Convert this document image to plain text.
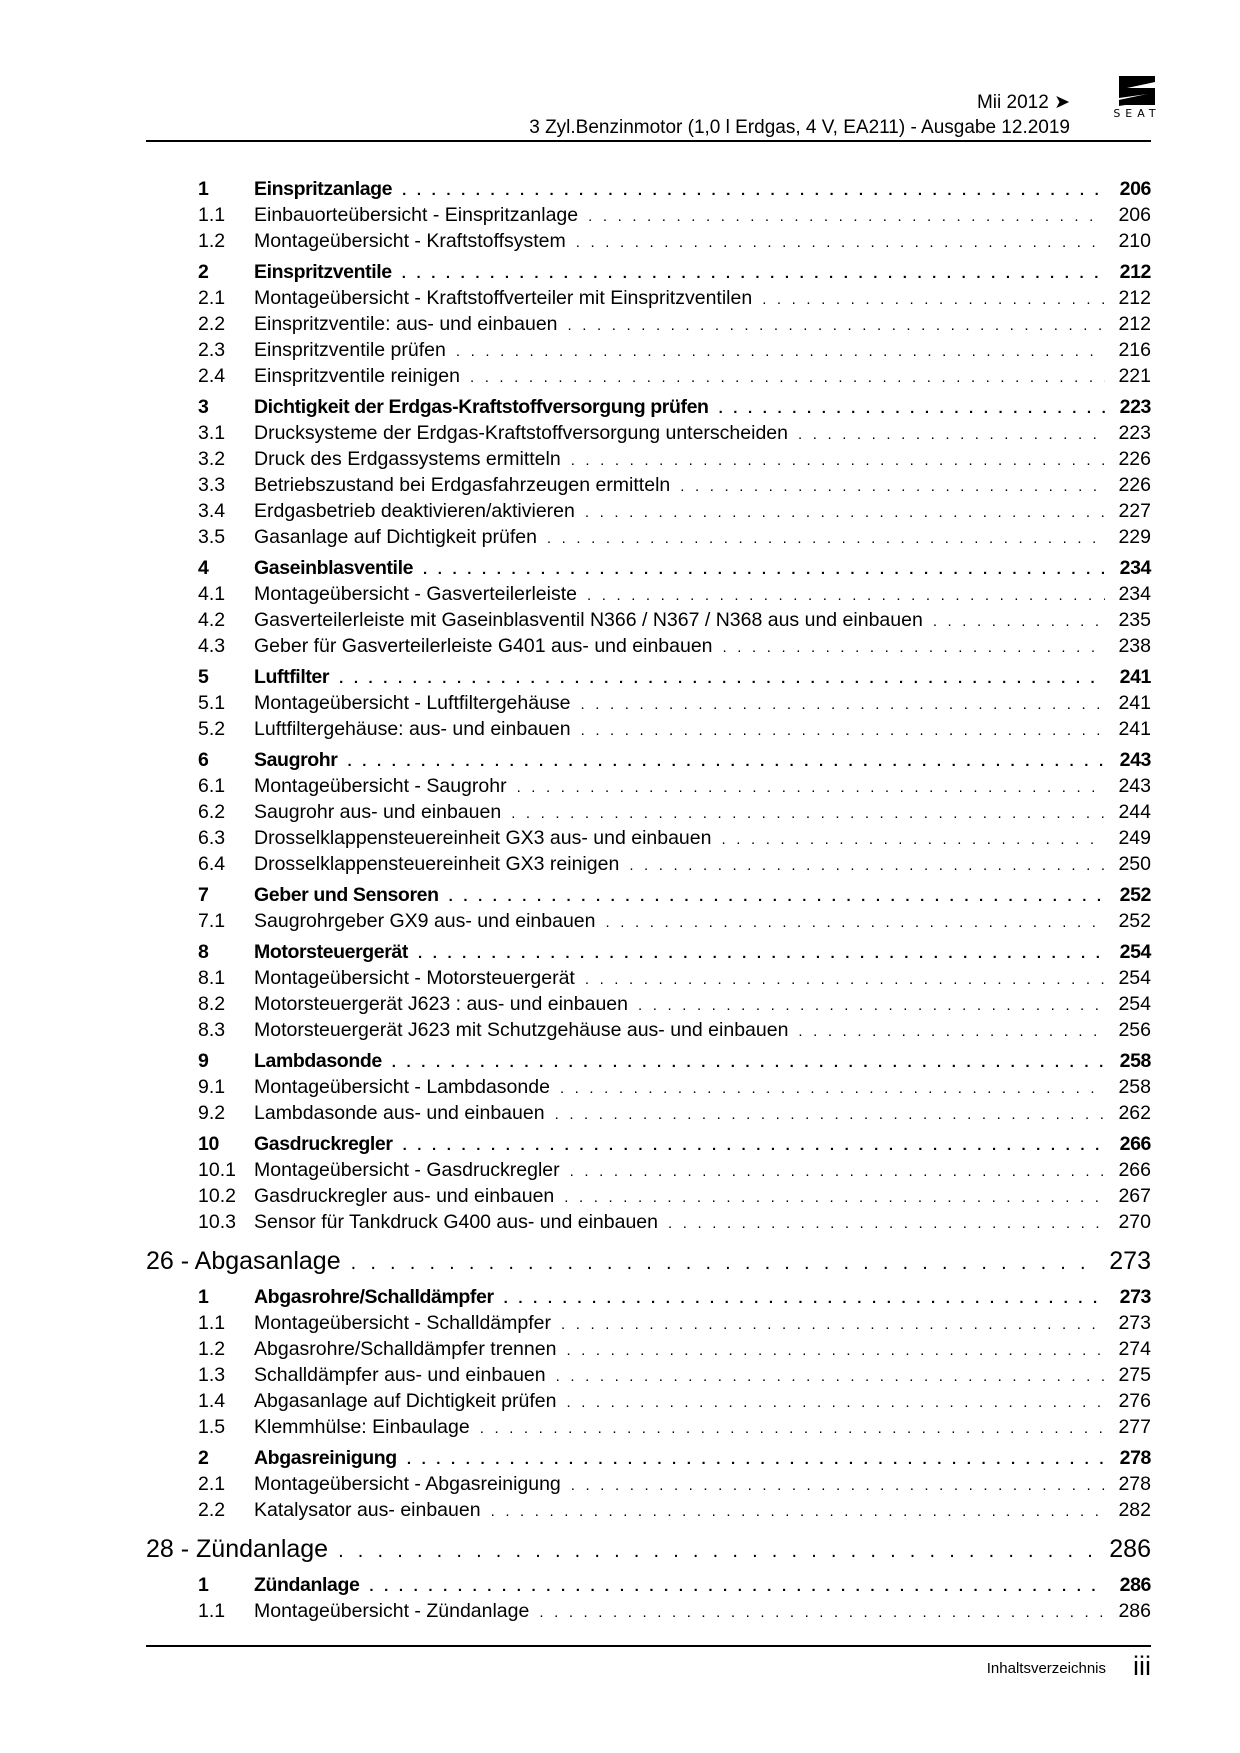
Mii 2012 ➤
3 Zyl.Benzinmotor (1,0 l Erdgas, 4 V, EA211) - Ausgabe 12.2019
SEAT
1	Einspritzanlage . . .	206
1.1	Einbauorteübersicht - Einspritzanlage . . .	206
1.2	Montageübersicht - Kraftstoffsystem . . .	210
2	Einspritzventile . . .	212
2.1	Montageübersicht - Kraftstoffverteiler mit Einspritzventilen . . .	212
2.2	Einspritzventile: aus- und einbauen . . .	212
2.3	Einspritzventile prüfen . . .	216
2.4	Einspritzventile reinigen . . .	221
3	Dichtigkeit der Erdgas-Kraftstoffversorgung prüfen . . .	223
3.1	Drucksysteme der Erdgas-Kraftstoffversorgung unterscheiden . . .	223
3.2	Druck des Erdgassystems ermitteln . . .	226
3.3	Betriebszustand bei Erdgasfahrzeugen ermitteln . . .	226
3.4	Erdgasbetrieb deaktivieren/aktivieren . . .	227
3.5	Gasanlage auf Dichtigkeit prüfen . . .	229
4	Gaseinblasventile . . .	234
4.1	Montageübersicht - Gasverteilerleiste . . .	234
4.2	Gasverteilerleiste mit Gaseinblasventil N366 / N367 / N368 aus und einbauen . . .	235
4.3	Geber für Gasverteilerleiste G401 aus- und einbauen . . .	238
5	Luftfilter . . .	241
5.1	Montageübersicht - Luftfiltergehäuse . . .	241
5.2	Luftfiltergehäuse: aus- und einbauen . . .	241
6	Saugrohr . . .	243
6.1	Montageübersicht - Saugrohr . . .	243
6.2	Saugrohr aus- und einbauen . . .	244
6.3	Drosselklappensteuereinheit GX3 aus- und einbauen . . .	249
6.4	Drosselklappensteuereinheit GX3 reinigen . . .	250
7	Geber und Sensoren . . .	252
7.1	Saugrohrgeber GX9 aus- und einbauen . . .	252
8	Motorsteuergerät . . .	254
8.1	Montageübersicht - Motorsteuergerät . . .	254
8.2	Motorsteuergerät J623 : aus- und einbauen . . .	254
8.3	Motorsteuergerät J623 mit Schutzgehäuse aus- und einbauen . . .	256
9	Lambdasonde . . .	258
9.1	Montageübersicht - Lambdasonde . . .	258
9.2	Lambdasonde aus- und einbauen . . .	262
10	Gasdruckregler . . .	266
10.1 Montageübersicht - Gasdruckregler . . .	266
10.2 Gasdruckregler aus- und einbauen . . .	267
10.3 Sensor für Tankdruck G400 aus- und einbauen . . .	270
26 - Abgasanlage . . .	273
1	Abgasrohre/Schalldämpfer . . .	273
1.1	Montageübersicht - Schalldämpfer . . .	273
1.2	Abgasrohre/Schalldämpfer trennen . . .	274
1.3	Schalldämpfer aus- und einbauen . . .	275
1.4	Abgasanlage auf Dichtigkeit prüfen . . .	276
1.5	Klemmhülse: Einbaulage . . .	277
2	Abgasreinigung . . .	278
2.1	Montageübersicht - Abgasreinigung . . .	278
2.2	Katalysator aus- einbauen . . .	282
28 - Zündanlage . . .	286
1	Zündanlage . . .	286
1.1	Montageübersicht - Zündanlage . . .	286
Inhaltsverzeichnis iii
